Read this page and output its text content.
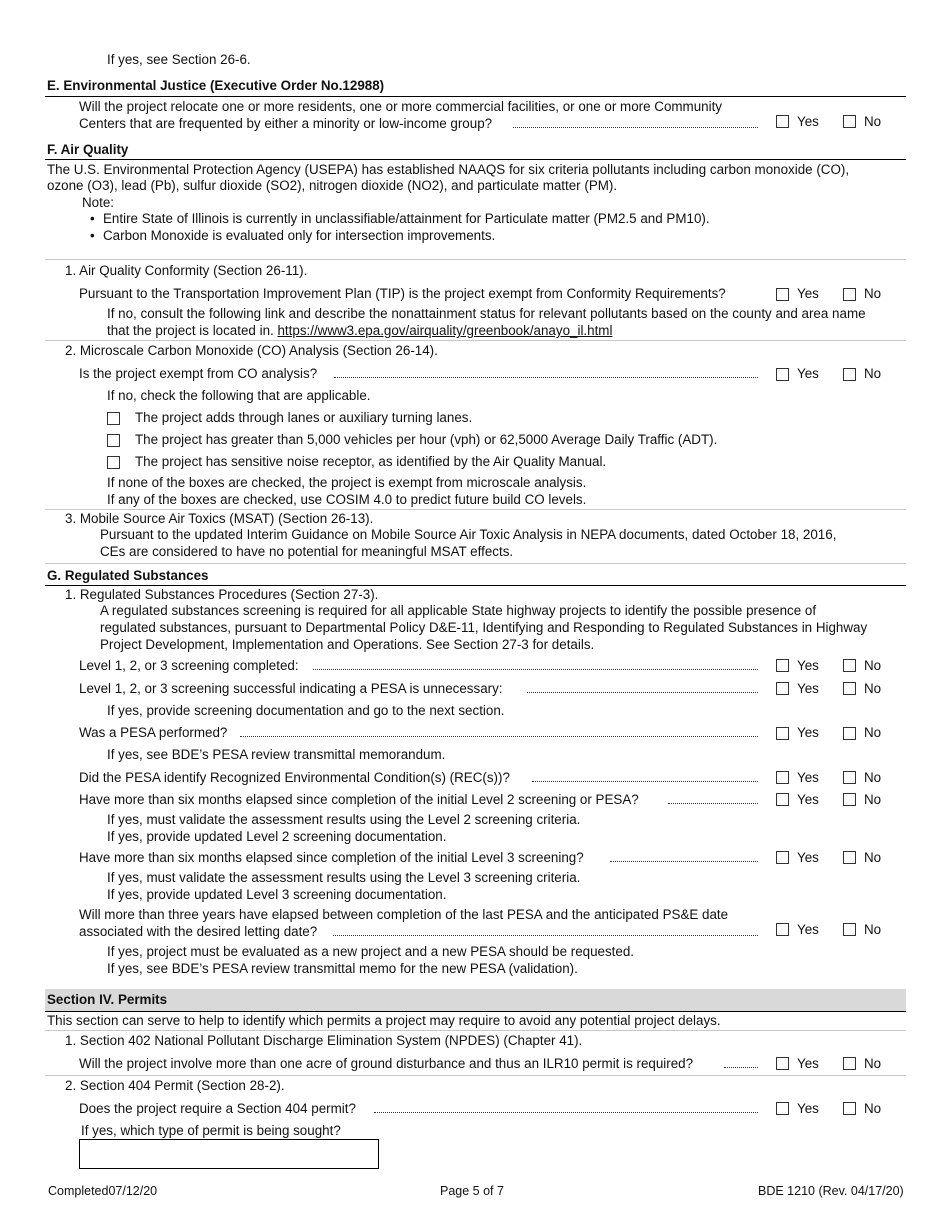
If yes, see Section 26-6.
E. Environmental Justice (Executive Order No.12988)
Will the project relocate one or more residents, one or more commercial facilities, or one or more Community
Centers that are frequented by either a minority or low-income group?	Yes	No
F. Air Quality
The U.S. Environmental Protection Agency (USEPA) has established NAAQS for six criteria pollutants including carbon monoxide (CO),
ozone (O3), lead (Pb), sulfur dioxide (SO2), nitrogen dioxide (NO2), and particulate matter (PM).
Note:
• Entire State of Illinois is currently in unclassifiable/attainment for Particulate matter (PM2.5 and PM10).
• Carbon Monoxide is evaluated only for intersection improvements.
1. Air Quality Conformity (Section 26-11).
Pursuant to the Transportation Improvement Plan (TIP) is the project exempt from Conformity Requirements?	Yes	No
If no, consult the following link and describe the nonattainment status for relevant pollutants based on the county and area name
that the project is located in. https://www3.epa.gov/airquality/greenbook/anayo_il.html
2. Microscale Carbon Monoxide (CO) Analysis (Section 26-14).
Is the project exempt from CO analysis?	Yes	No
If no, check the following that are applicable.
The project adds through lanes or auxiliary turning lanes.
The project has greater than 5,000 vehicles per hour (vph) or 62,5000 Average Daily Traffic (ADT).
The project has sensitive noise receptor, as identified by the Air Quality Manual.
If none of the boxes are checked, the project is exempt from microscale analysis.
If any of the boxes are checked, use COSIM 4.0 to predict future build CO levels.
3. Mobile Source Air Toxics (MSAT) (Section 26-13).
Pursuant to the updated Interim Guidance on Mobile Source Air Toxic Analysis in NEPA documents, dated October 18, 2016,
CEs are considered to have no potential for meaningful MSAT effects.
G. Regulated Substances
1. Regulated Substances Procedures (Section 27-3).
A regulated substances screening is required for all applicable State highway projects to identify the possible presence of
regulated substances, pursuant to Departmental Policy D&E-11, Identifying and Responding to Regulated Substances in Highway
Project Development, Implementation and Operations. See Section 27-3 for details.
Level 1, 2, or 3 screening completed:	Yes	No
Level 1, 2, or 3 screening successful indicating a PESA is unnecessary:	Yes	No
If yes, provide screening documentation and go to the next section.
Was a PESA performed?	Yes	No
If yes, see BDE’s PESA review transmittal memorandum.
Did the PESA identify Recognized Environmental Condition(s) (REC(s))?	Yes	No
Have more than six months elapsed since completion of the initial Level 2 screening or PESA?	Yes	No
If yes, must validate the assessment results using the Level 2 screening criteria.
If yes, provide updated Level 2 screening documentation.
Have more than six months elapsed since completion of the initial Level 3 screening?	Yes	No
If yes, must validate the assessment results using the Level 3 screening criteria.
If yes, provide updated Level 3 screening documentation.
Will more than three years have elapsed between completion of the last PESA and the anticipated PS&E date
associated with the desired letting date?	Yes	No
If yes, project must be evaluated as a new project and a new PESA should be requested.
If yes, see BDE’s PESA review transmittal memo for the new PESA (validation).
Section IV. Permits
This section can serve to help to identify which permits a project may require to avoid any potential project delays.
1. Section 402 National Pollutant Discharge Elimination System (NPDES) (Chapter 41).
Will the project involve more than one acre of ground disturbance and thus an ILR10 permit is required?	Yes	No
2. Section 404 Permit (Section 28-2).
Does the project require a Section 404 permit?	Yes	No
If yes, which type of permit is being sought?
Completed07/12/20	Page 5 of 7	BDE 1210 (Rev. 04/17/20)
